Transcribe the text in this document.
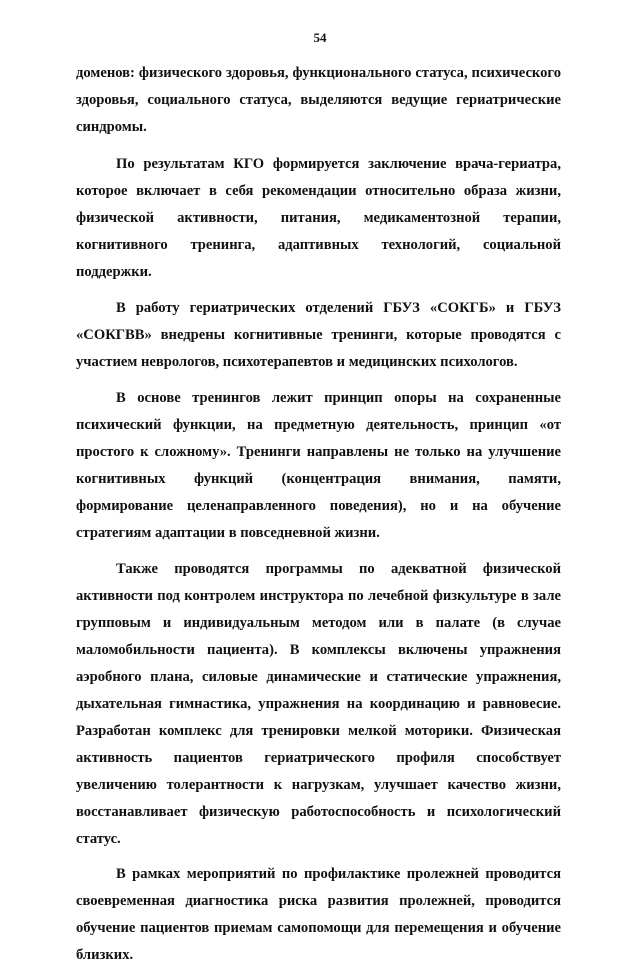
54

доменов: физического здоровья, функционального статуса, психического здоровья, социального статуса, выделяются ведущие гериатрические синдромы.

По результатам КГО формируется заключение врача-гериатра, которое включает в себя рекомендации относительно образа жизни, физической активности, питания, медикаментозной терапии, когнитивного тренинга, адаптивных технологий, социальной поддержки.

В работу гериатрических отделений ГБУЗ «СОКГБ» и ГБУЗ «СОКГВВ» внедрены когнитивные тренинги, которые проводятся с участием неврологов, психотерапевтов и медицинских психологов.

В основе тренингов лежит принцип опоры на сохраненные психический функции, на предметную деятельность, принцип «от простого к сложному». Тренинги направлены не только на улучшение когнитивных функций (концентрация внимания, памяти, формирование целенаправленного поведения), но и на обучение стратегиям адаптации в повседневной жизни.

Также проводятся программы по адекватной физической активности под контролем инструктора по лечебной физкультуре в зале групповым и индивидуальным методом или в палате (в случае маломобильности пациента). В комплексы включены упражнения аэробного плана, силовые динамические и статические упражнения, дыхательная гимнастика, упражнения на координацию и равновесие. Разработан комплекс для тренировки мелкой моторики. Физическая активность пациентов гериатрического профиля способствует увеличению толерантности к нагрузкам, улучшает качество жизни, восстанавливает физическую работоспособность и психологический статус.

В рамках мероприятий по профилактике пролежней проводится своевременная диагностика риска развития пролежней, проводится обучение пациентов приемам самопомощи для перемещения и обучение близких.
